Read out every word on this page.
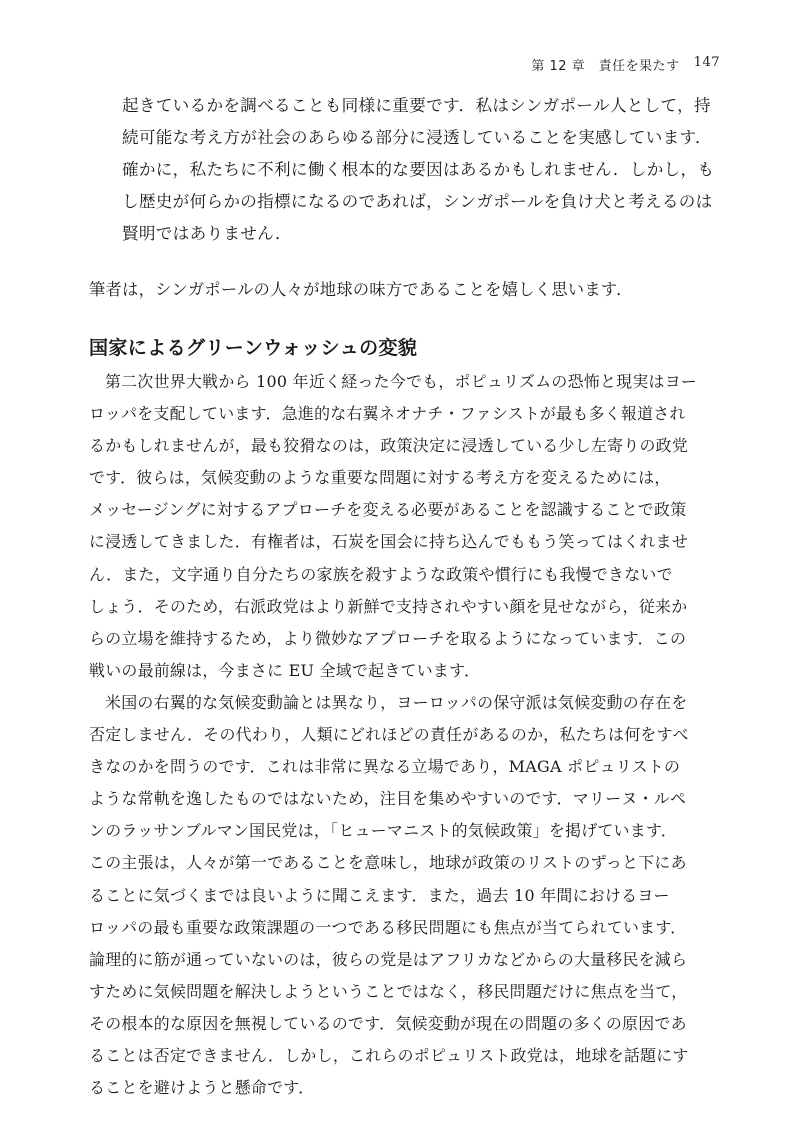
第 12 章　責任を果たす 147
起きているかを調べることも同様に重要です．私はシンガポール人として，持
続可能な考え方が社会のあらゆる部分に浸透していることを実感しています．
確かに，私たちに不利に働く根本的な要因はあるかもしれません．しかし，も
し歴史が何らかの指標になるのであれば，シンガポールを負け犬と考えるのは
賢明ではありません．
筆者は，シンガポールの人々が地球の味方であることを嬉しく思います．
国家によるグリーンウォッシュの変貌

第二次世界大戦から 100 年近く経った今でも，ポピュリズムの恐怖と現実はヨー
ロッパを支配しています．急進的な右翼ネオナチ・ファシストが最も多く報道され
るかもしれませんが，最も狡猾なのは，政策決定に浸透している少し左寄りの政党
です．彼らは，気候変動のような重要な問題に対する考え方を変えるためには，
メッセージングに対するアプローチを変える必要があることを認識することで政策
に浸透してきました．有権者は，石炭を国会に持ち込んでももう笑ってはくれませ
ん．また，文字通り自分たちの家族を殺すような政策や慣行にも我慢できないで
しょう．そのため，右派政党はより新鮮で支持されやすい顔を見せながら，従来か
らの立場を維持するため，より微妙なアプローチを取るようになっています．この
戦いの最前線は，今まさに EU 全域で起きています．

米国の右翼的な気候変動論とは異なり，ヨーロッパの保守派は気候変動の存在を
否定しません．その代わり，人類にどれほどの責任があるのか，私たちは何をすべ
きなのかを問うのです．これは非常に異なる立場であり，MAGA ポピュリストの
ような常軌を逸したものではないため，注目を集めやすいのです．マリーヌ・ルペ
ンのラッサンブルマン国民党は，「ヒューマニスト的気候政策」を掲げています．
この主張は，人々が第一であることを意味し，地球が政策のリストのずっと下にあ
ることに気づくまでは良いように聞こえます．また，過去 10 年間におけるヨー
ロッパの最も重要な政策課題の一つである移民問題にも焦点が当てられています．
論理的に筋が通っていないのは，彼らの党是はアフリカなどからの大量移民を減ら
すために気候問題を解決しようということではなく，移民問題だけに焦点を当て，
その根本的な原因を無視しているのです．気候変動が現在の問題の多くの原因であ
ることは否定できません．しかし，これらのポピュリスト政党は，地球を話題にす
ることを避けようと懸命です．
